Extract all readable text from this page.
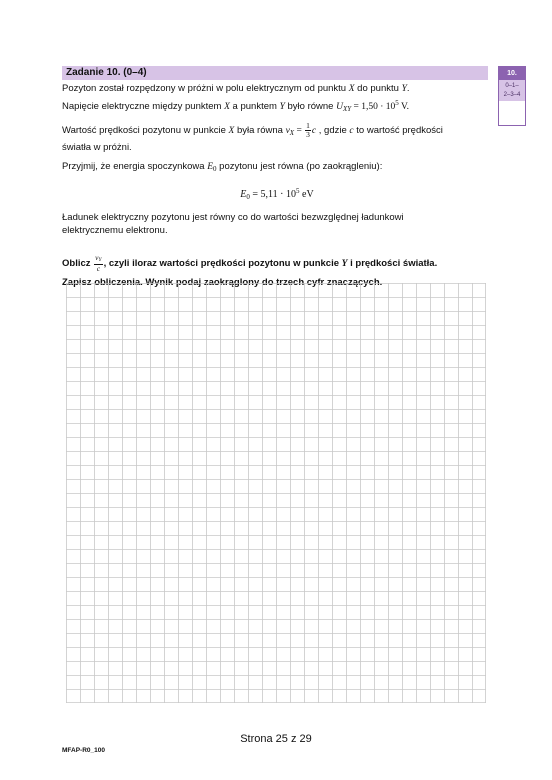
Zadanie 10. (0–4)	10.
0–1–
2–3–4

Pozyton został rozpędzony w próżni w polu elektrycznym od punktu X do punktu Y.

Napięcie elektryczne między punktem X a punktem Y było równe $U_{XY} = 1,50 \cdot 10^5$ V.

Wartość prędkości pozytonu w punkcie X była równa $v_X = \frac{1}{3}$ c , gdzie c to wartość prędkości

światła w próżni.

Przyjmij, że energia spoczynkowa $E_0$ pozytonu jest równa (po zaokrągleniu):

$E_0 = 5,11 \cdot 10^5$ eV

Ładunek elektryczny pozytonu jest równy co do wartości bezwzględnej ładunkowi

elektrycznemu elektronu.

Oblicz $\frac{vY}{c}$ , czyli iloraz wartości prędkości pozytonu w punkcie Y i prędkości światła.

Zapisz obliczenia. Wynik podaj zaokrąglony do trzech cyfr znaczących.

Strona 25 z 29
MFAP-R0_100
